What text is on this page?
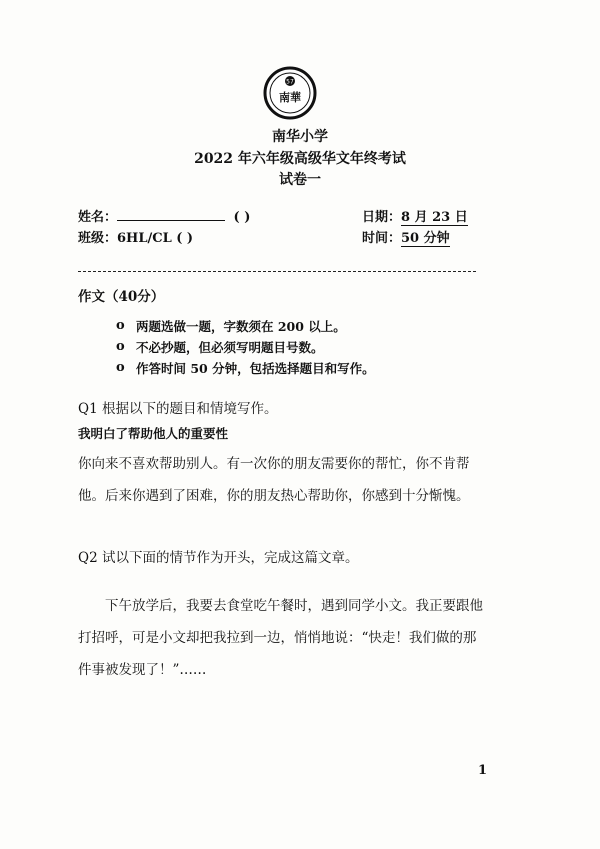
57
南華
南华小学
2022 年六年级高级华文年终考试
试卷一
姓名：	( )
班级：6HL/CL ( )
日期：8 月 23 日
时间：50 分钟
作文（40分）
o 两题选做一题，字数须在 200 以上。
o 不必抄题，但必须写明题目号数。
o 作答时间 50 分钟，包括选择题目和写作。
Q1 根据以下的题目和情境写作。
我明白了帮助他人的重要性
你向来不喜欢帮助别人。有一次你的朋友需要你的帮忙，你不肯帮
他。后来你遇到了困难，你的朋友热心帮助你，你感到十分惭愧。
Q2 试以下面的情节作为开头，完成这篇文章。
下午放学后，我要去食堂吃午餐时，遇到同学小文。我正要跟他
打招呼，可是小文却把我拉到一边，悄悄地说：“快走！我们做的那
件事被发现了！”……
1
